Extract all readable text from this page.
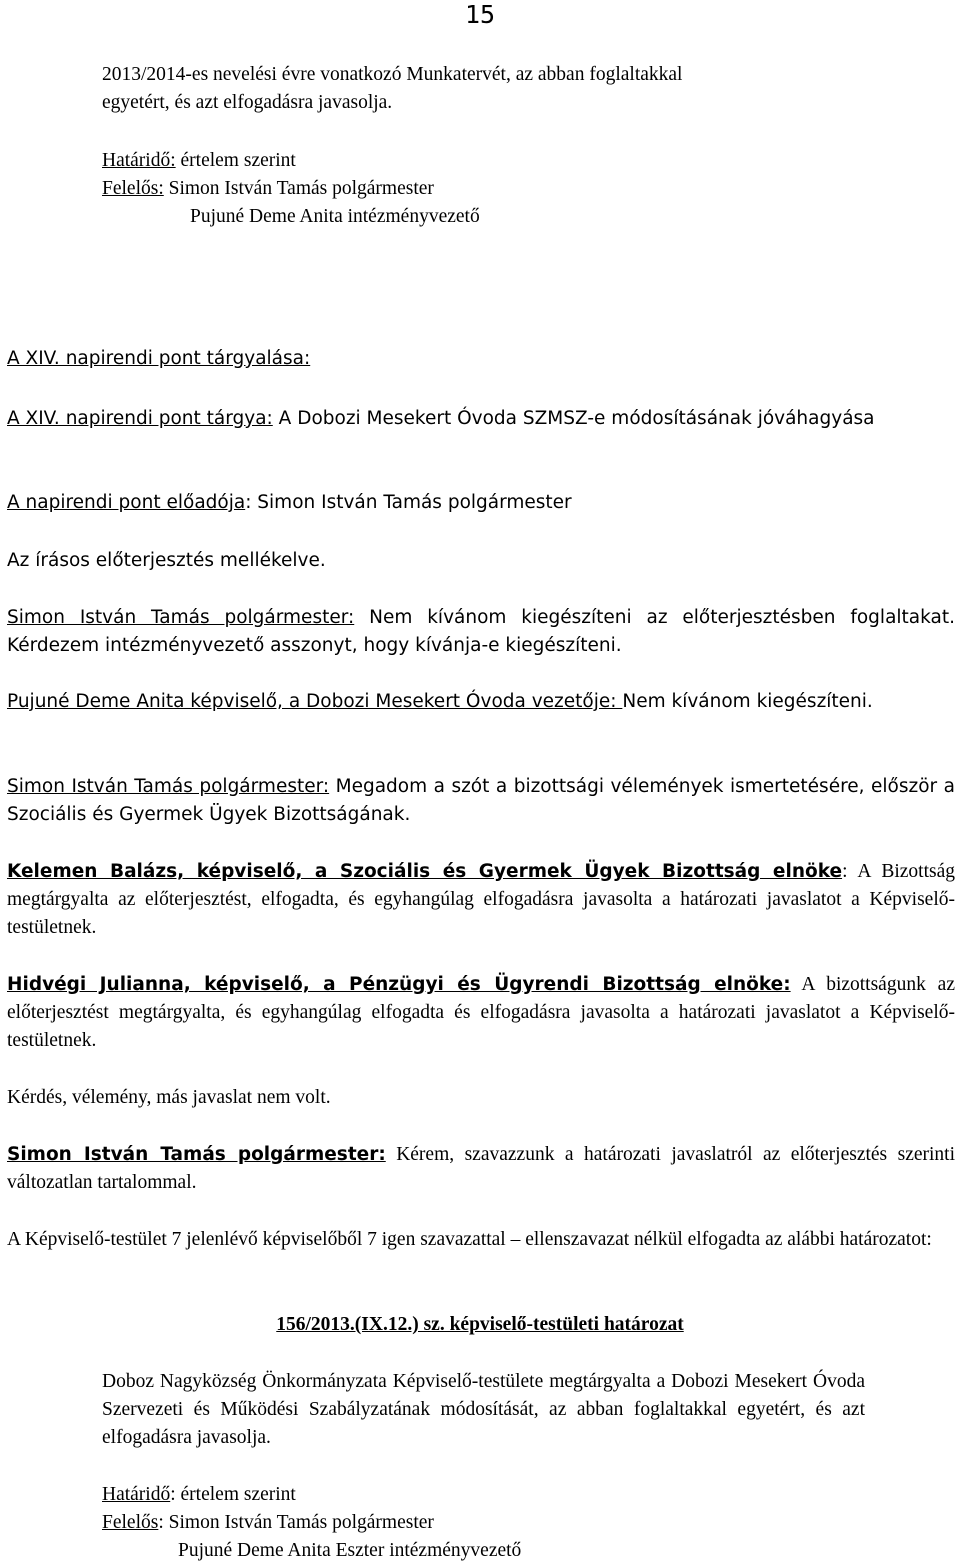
15
2013/2014-es nevelési évre vonatkozó Munkatervét, az abban foglaltakkal
egyetért, és azt elfogadásra javasolja.
Határidő: értelem szerint
Felelős: Simon István Tamás polgármester
Pujuné Deme Anita intézményvezető
A XIV. napirendi pont tárgyalása:
A XIV. napirendi pont tárgya: A Dobozi Mesekert Óvoda SZMSZ-e módosításának jóváhagyása
A napirendi pont előadója: Simon István Tamás polgármester
Az írásos előterjesztés mellékelve.
Simon István Tamás polgármester: Nem kívánom kiegészíteni az előterjesztésben foglaltakat. Kérdezem intézményvezető asszonyt, hogy kívánja-e kiegészíteni.
Pujuné Deme Anita képviselő, a Dobozi Mesekert Óvoda vezetője: Nem kívánom kiegészíteni.
Simon István Tamás polgármester: Megadom a szót a bizottsági vélemények ismertetésére, először a Szociális és Gyermek Ügyek Bizottságának.
Kelemen Balázs, képviselő, a Szociális és Gyermek Ügyek Bizottság elnöke: A Bizottság megtárgyalta az előterjesztést, elfogadta, és egyhangúlag elfogadásra javasolta a határozati javaslatot a Képviselő-testületnek.
Hidvégi Julianna, képviselő, a Pénzügyi és Ügyrendi Bizottság elnöke: A bizottságunk az előterjesztést megtárgyalta, és egyhangúlag elfogadta és elfogadásra javasolta a határozati javaslatot a Képviselő-testületnek.
Kérdés, vélemény, más javaslat nem volt.
Simon István Tamás polgármester: Kérem, szavazzunk a határozati javaslatról az előterjesztés szerinti változatlan tartalommal.
A Képviselő-testület 7 jelenlévő képviselőből 7 igen szavazattal – ellenszavazat nélkül elfogadta az alábbi határozatot:
156/2013.(IX.12.) sz. képviselő-testületi határozat
Doboz Nagyközség Önkormányzata Képviselő-testülete megtárgyalta a Dobozi Mesekert Óvoda Szervezeti és Működési Szabályzatának módosítását, az abban foglaltakkal egyetért, és azt elfogadásra javasolja.
Határidő: értelem szerint
Felelős: Simon István Tamás polgármester
Pujuné Deme Anita Eszter intézményvezető
